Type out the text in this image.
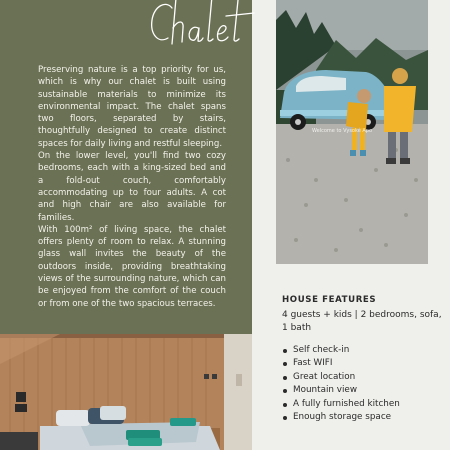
Preserving nature is a top priority for us, which is why our chalet is built using sustainable materials to minimize its environmental impact. The chalet spans two floors, separated by stairs, thoughtfully designed to create distinct spaces for daily living and restful sleeping.

On the lower level, you'll find two cozy bedrooms, each with a king-sized bed and a fold-out couch, comfortably accommodating up to four adults. A cot and high chair are also available for families.

With 100m² of living space, the chalet offers plenty of room to relax. A stunning glass wall invites the beauty of the outdoors inside, providing breathtaking views of the surrounding nature, which can be enjoyed from the comfort of the couch or from one of the two spacious terraces.

Welcome to Vysoké Apo
HOUSE FEATURES
4 guests + kids | 2 bedrooms, sofa, 1 bath
Self check-in
Fast WIFI
Great location
Mountain view
A fully furnished kitchen
Enough storage space
